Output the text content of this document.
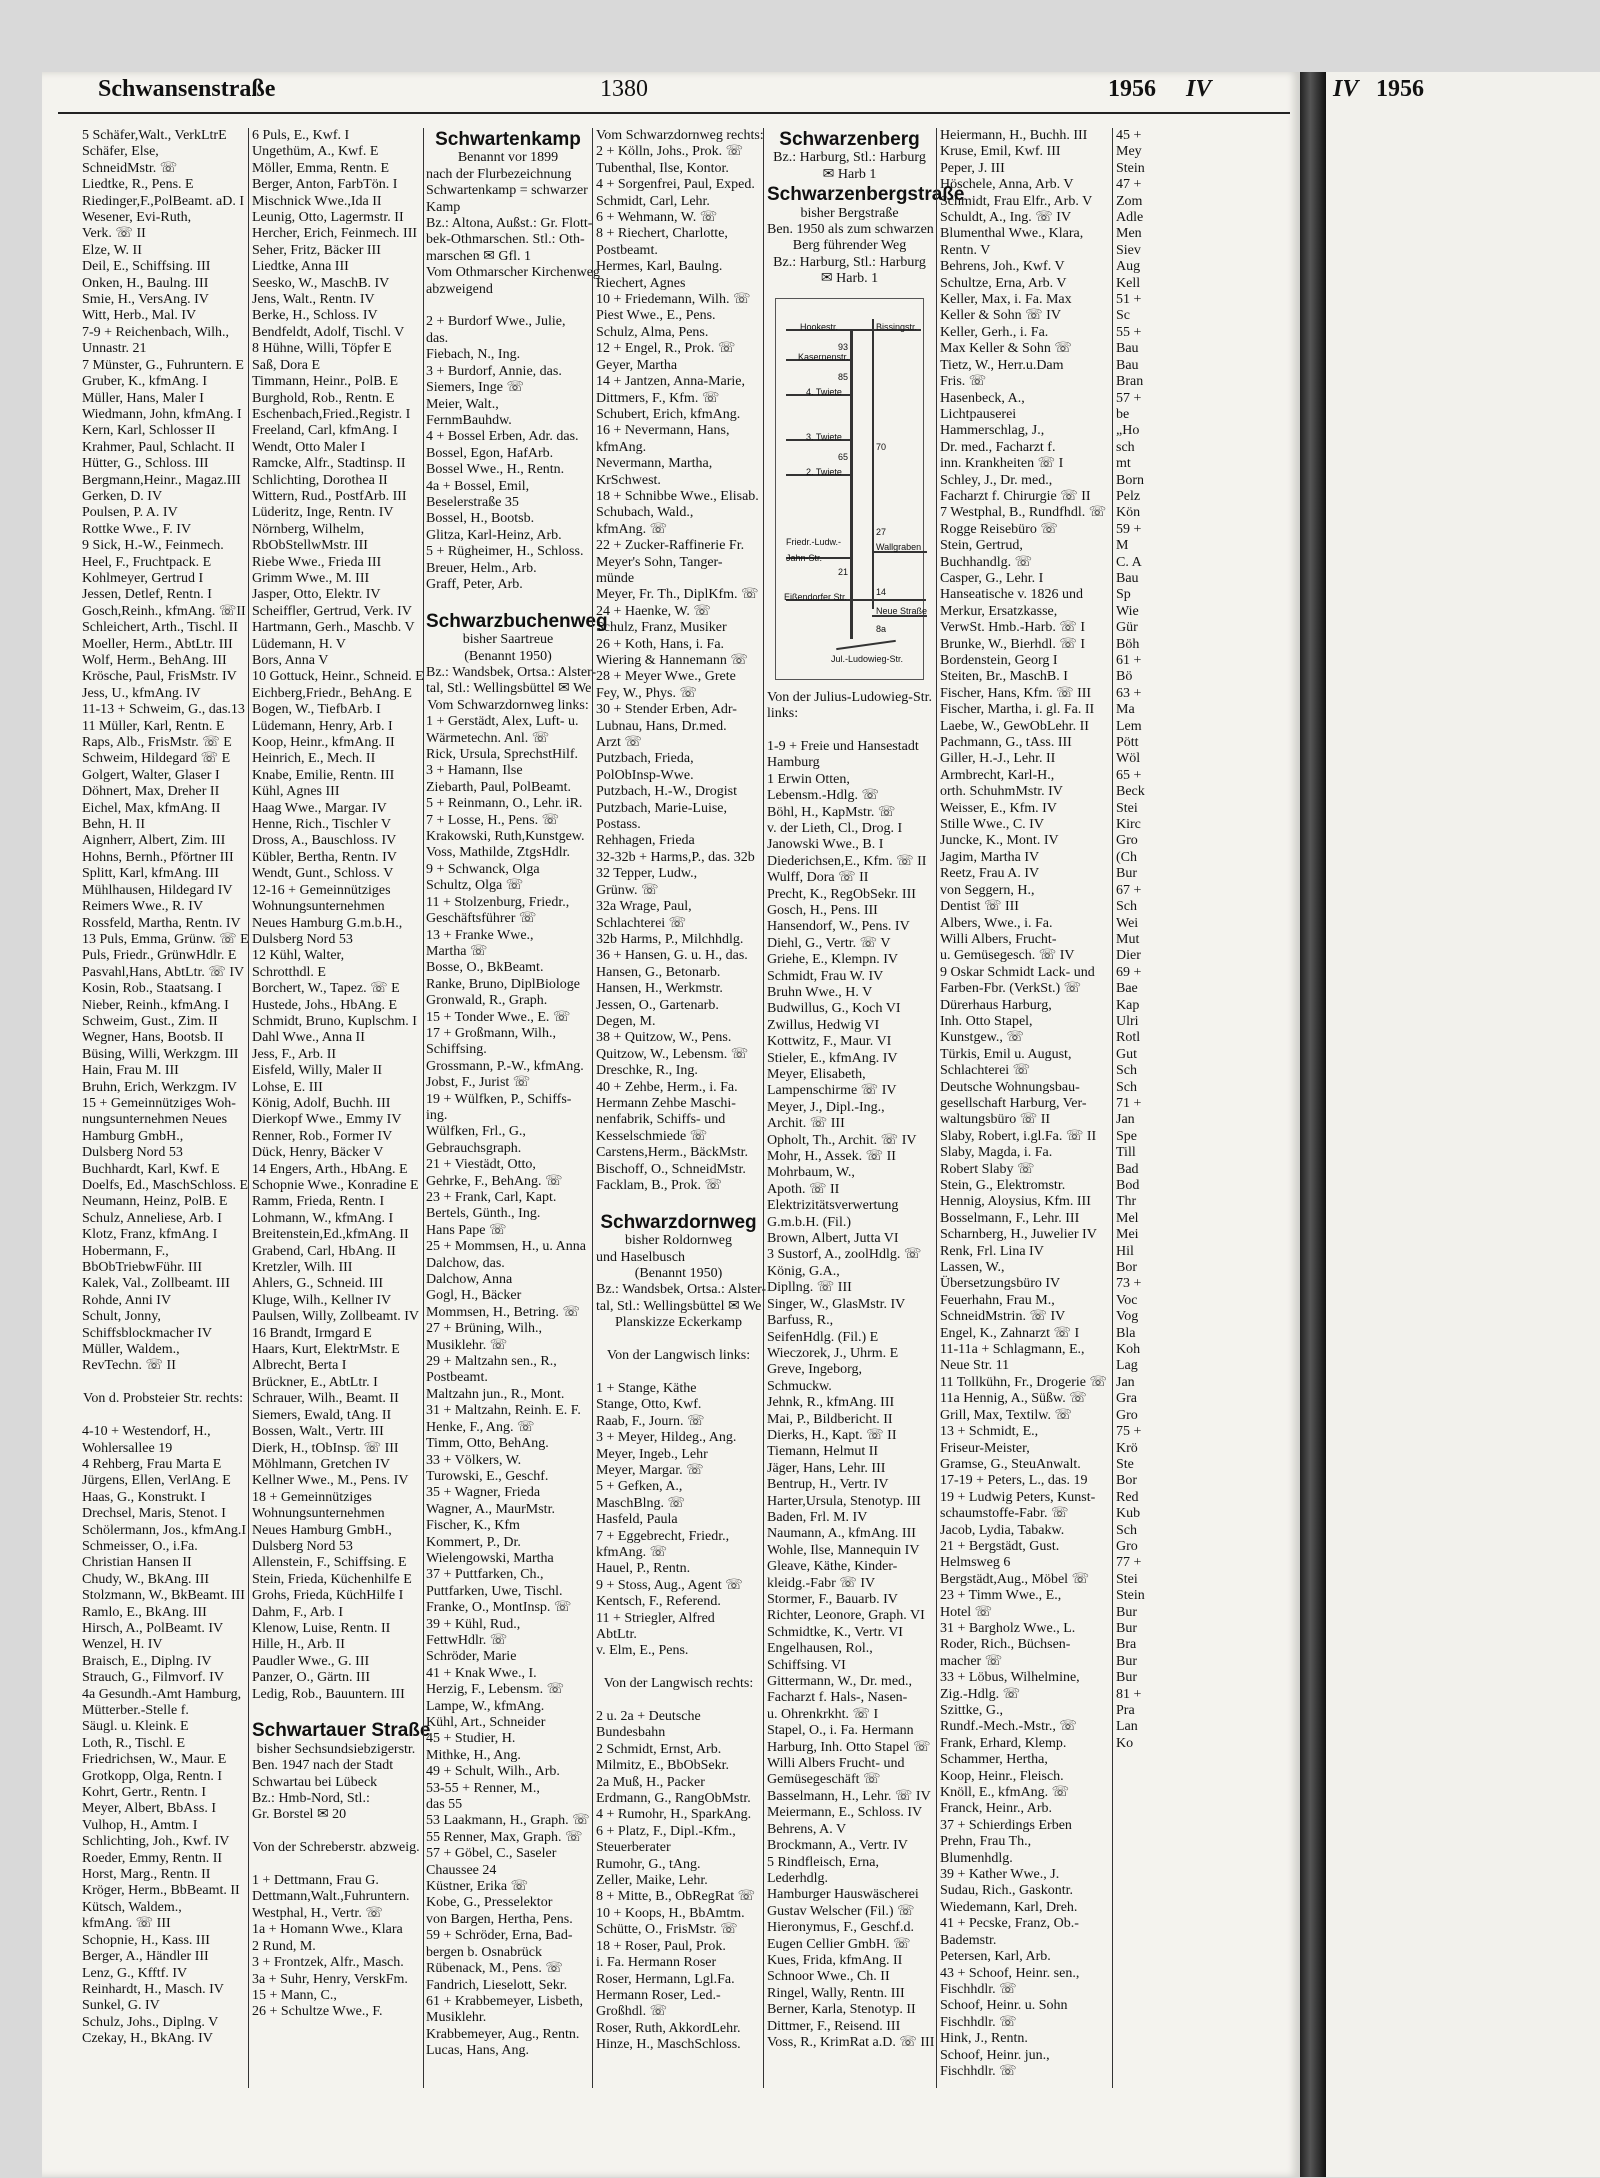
Schwansenstraße	1380	1956 IV	IV 1956
5 Schäfer,Walt., VerkLtrE
Schäfer, Else,
SchneidMstr. ☏
Liedtke, R., Pens. E
Riedinger,F.,PolBeamt. aD. I
Wesener, Evi-Ruth,
Verk. ☏ II
Elze, W. II
Deil, E., Schiffsing. III
Onken, H., Baulng. III
Smie, H., VersAng. IV
Witt, Herb., Mal. IV
7-9 + Reichenbach, Wilh.,
Unnastr. 21
7 Münster, G., Fuhruntern. E
Gruber, K., kfmAng. I
Müller, Hans, Maler I
Wiedmann, John, kfmAng. I
Kern, Karl, Schlosser II
Krahmer, Paul, Schlacht. II
Hütter, G., Schloss. III
Bergmann,Heinr., Magaz.III
Gerken, D. IV
Poulsen, P. A. IV
Rottke Wwe., F. IV
9 Sick, H.-W., Feinmech.
Heel, F., Fruchtpack. E
Kohlmeyer, Gertrud I
Jessen, Detlef, Rentn. I
Gosch,Reinh., kfmAng. ☏II
Schleichert, Arth., Tischl. II
Moeller, Herm., AbtLtr. III
Wolf, Herm., BehAng. III
Krösche, Paul, FrisMstr. IV
Jess, U., kfmAng. IV
11-13 + Schweim, G., das.13
11 Müller, Karl, Rentn. E
Raps, Alb., FrisMstr. ☏ E
Schweim, Hildegard ☏ E
Golgert, Walter, Glaser I
Döhnert, Max, Dreher II
Eichel, Max, kfmAng. II
Behn, H. II
Aignherr, Albert, Zim. III
Hohns, Bernh., Pförtner III
Splitt, Karl, kfmAng. III
Mühlhausen, Hildegard IV
Reimers Wwe., R. IV
Rossfeld, Martha, Rentn. IV
13 Puls, Emma, Grünw. ☏ E
Puls, Friedr., GrünwHdlr. E
Pasvahl,Hans, AbtLtr. ☏ IV
Kosin, Rob., Staatsang. I
Nieber, Reinh., kfmAng. I
Schweim, Gust., Zim. II
Wegner, Hans, Bootsb. II
Büsing, Willi, Werkzgm. III
Hain, Frau M. III
Bruhn, Erich, Werkzgm. IV
15 + Gemeinnütziges Woh-
nungsunternehmen Neues
Hamburg GmbH.,
Dulsberg Nord 53
Buchhardt, Karl, Kwf. E
Doelfs, Ed., MaschSchloss. E
Neumann, Heinz, PolB. E
Schulz, Anneliese, Arb. I
Klotz, Franz, kfmAng. I
Hobermann, F.,
BbObTriebwFühr. III
Kalek, Val., Zollbeamt. III
Rohde, Anni IV
Schult, Jonny,
Schiffsblockmacher IV
Müller, Waldem.,
RevTechn. ☏ II

Von d. Probsteier Str. rechts:

4-10 + Westendorf, H.,
Wohlersallee 19
4 Rehberg, Frau Marta E
Jürgens, Ellen, VerlAng. E
Haas, G., Konstrukt. I
Drechsel, Maris, Stenot. I
Schölermann, Jos., kfmAng.I
Schmeisser, O., i.Fa.
Christian Hansen II
Chudy, W., BkAng. III
Stolzmann, W., BkBeamt. III
Ramlo, E., BkAng. III
Hirsch, A., PolBeamt. IV
Wenzel, H. IV
Braisch, E., Diplng. IV
Strauch, G., Filmvorf. IV
4a Gesundh.-Amt Hamburg,
Mütterber.-Stelle f.
Säugl. u. Kleink. E
Loth, R., Tischl. E
Friedrichsen, W., Maur. E
Grotkopp, Olga, Rentn. I
Kohrt, Gertr., Rentn. I
Meyer, Albert, BbAss. I
Vulhop, H., Amtm. I
Schlichting, Joh., Kwf. IV
Roeder, Emmy, Rentn. II
Horst, Marg., Rentn. II
Kröger, Herm., BbBeamt. II
Kütsch, Waldem.,
kfmAng. ☏ III
Schopnie, H., Kass. III
Berger, A., Händler III
Lenz, G., Kfftf. IV
Reinhardt, H., Masch. IV
Sunkel, G. IV
Schulz, Johs., Diplng. V
Czekay, H., BkAng. IV
6 Puls, E., Kwf. I
Ungethüm, A., Kwf. E
Möller, Emma, Rentn. E
Berger, Anton, FarbTön. I
Mischnick Wwe.,Ida II
Leunig, Otto, Lagermstr. II
Hercher, Erich, Feinmech. III
Seher, Fritz, Bäcker III
Liedtke, Anna III
Seesko, W., MaschB. IV
Jens, Walt., Rentn. IV
Berke, H., Schloss. IV
Bendfeldt, Adolf, Tischl. V
8 Hühne, Willi, Töpfer E
Saß, Dora E
Timmann, Heinr., PolB. E
Burghold, Rob., Rentn. E
Eschenbach,Fried.,Registr. I
Freeland, Carl, kfmAng. I
Wendt, Otto Maler I
Ramcke, Alfr., Stadtinsp. II
Schlichting, Dorothea II
Wittern, Rud., PostfArb. III
Lüderitz, Inge, Rentn. IV
Nörnberg, Wilhelm,
RbObStellwMstr. III
Riebe Wwe., Frieda III
Grimm Wwe., M. III
Jasper, Otto, Elektr. IV
Scheiffler, Gertrud, Verk. IV
Hartmann, Gerh., Maschb. V
Lüdemann, H. V
Bors, Anna V
10 Gottuck, Heinr., Schneid. E
Eichberg,Friedr., BehAng. E
Bogen, W., TiefbArb. I
Lüdemann, Henry, Arb. I
Koop, Heinr., kfmAng. II
Heinrich, E., Mech. II
Knabe, Emilie, Rentn. III
Kühl, Agnes III
Haag Wwe., Margar. IV
Henne, Rich., Tischler V
Dross, A., Bauschloss. IV
Kübler, Bertha, Rentn. IV
Wendt, Gunt., Schloss. V
12-16 + Gemeinnütziges
Wohnungsunternehmen
Neues Hamburg G.m.b.H.,
Dulsberg Nord 53
12 Kühl, Walter,
Schrotthdl. E
Borchert, W., Tapez. ☏ E
Hustede, Johs., HbAng. E
Schmidt, Bruno, Kuplschm. I
Dahl Wwe., Anna II
Jess, F., Arb. II
Eisfeld, Willy, Maler II
Lohse, E. III
König, Adolf, Buchh. III
Dierkopf Wwe., Emmy IV
Renner, Rob., Former IV
Dück, Henry, Bäcker V
14 Engers, Arth., HbAng. E
Schopnie Wwe., Konradine E
Ramm, Frieda, Rentn. I
Lohmann, W., kfmAng. I
Breitenstein,Ed.,kfmAng. II
Grabend, Carl, HbAng. II
Kretzler, Wilh. III
Ahlers, G., Schneid. III
Kluge, Wilh., Kellner IV
Paulsen, Willy, Zollbeamt. IV
16 Brandt, Irmgard E
Haars, Kurt, ElektrMstr. E
Albrecht, Berta I
Brückner, E., AbtLtr. I
Schrauer, Wilh., Beamt. II
Siemers, Ewald, tAng. II
Bossen, Walt., Vertr. III
Dierk, H., tObInsp. ☏ III
Möhlmann, Gretchen IV
Kellner Wwe., M., Pens. IV
18 + Gemeinnütziges
Wohnungsunternehmen
Neues Hamburg GmbH.,
Dulsberg Nord 53
Allenstein, F., Schiffsing. E
Stein, Frieda, Küchenhilfe E
Grohs, Frieda, KüchHilfe I
Dahm, F., Arb. I
Klenow, Luise, Rentn. II
Hille, H., Arb. II
Paudler Wwe., G. III
Panzer, O., Gärtn. III
Ledig, Rob., Bauuntern. III

Schwartauer Straße
bisher Sechsundsiebzigerstr.
Ben. 1947 nach der Stadt
Schwartau bei Lübeck
Bz.: Hmb-Nord, Stl.:
Gr. Borstel ✉ 20

Von der Schreberstr. abzweig.

1 + Dettmann, Frau G.
Dettmann,Walt.,Fuhruntern.
Westphal, H., Vertr. ☏
1a + Homann Wwe., Klara
2 Rund, M.
3 + Frontzek, Alfr., Masch.
3a + Suhr, Henry, VerskFm.
15 + Mann, C.,
26 + Schultze Wwe., F.
Schwartenkamp
Benannt vor 1899
nach der Flurbezeichnung
Schwartenkamp = schwarzer
Kamp
Bz.: Altona, Außst.: Gr. Flott-
bek-Othmarschen. Stl.: Oth-
marschen ✉ Gfl. 1
Vom Othmarscher Kirchenweg
abzweigend

2 + Burdorf Wwe., Julie,
das.
Fiebach, N., Ing.
3 + Burdorf, Annie, das.
Siemers, Inge ☏
Meier, Walt.,
FernmBauhdw.
4 + Bossel Erben, Adr. das.
Bossel, Egon, HafArb.
Bossel Wwe., H., Rentn.
4a + Bossel, Emil,
Beselerstraße 35
Bossel, H., Bootsb.
Glitza, Karl-Heinz, Arb.
5 + Rügheimer, H., Schloss.
Breuer, Helm., Arb.
Graff, Peter, Arb.

Schwarzbuchenweg
bisher Saartreue
(Benannt 1950)
Bz.: Wandsbek, Ortsa.: Alster-
tal, Stl.: Wellingsbüttel ✉ We
Vom Schwarzdornweg links:
1 + Gerstädt, Alex, Luft- u.
Wärmetechn. Anl. ☏
Rick, Ursula, SprechstHilf.
3 + Hamann, Ilse
Ziebarth, Paul, PolBeamt.
5 + Reinmann, O., Lehr. iR.
7 + Losse, H., Pens. ☏
Krakowski, Ruth,Kunstgew.
Voss, Mathilde, ZtgsHdlr.
9 + Schwanck, Olga
Schultz, Olga ☏
11 + Stolzenburg, Friedr.,
Geschäftsführer ☏
13 + Franke Wwe.,
Martha ☏
Bosse, O., BkBeamt.
Ranke, Bruno, DiplBiologe
Gronwald, R., Graph.
15 + Tonder Wwe., E. ☏
17 + Großmann, Wilh.,
Schiffsing.
Grossmann, P.-W., kfmAng.
Jobst, F., Jurist ☏
19 + Wülfken, P., Schiffs-
ing.
Wülfken, Frl., G.,
Gebrauchsgraph.
21 + Viestädt, Otto,
Gehrke, F., BehAng. ☏
23 + Frank, Carl, Kapt.
Bertels, Günth., Ing.
Hans Pape ☏
25 + Mommsen, H., u. Anna
Dalchow, das.
Dalchow, Anna
Gogl, H., Bäcker
Mommsen, H., Betring. ☏
27 + Brüning, Wilh.,
Musiklehr. ☏
29 + Maltzahn sen., R.,
Postbeamt.
Maltzahn jun., R., Mont.
31 + Maltzahn, Reinh. E. F.
Henke, F., Ang. ☏
Timm, Otto, BehAng.
33 + Völkers, W.
Turowski, E., Geschf.
35 + Wagner, Frieda
Wagner, A., MaurMstr.
Fischer, K., Kfm
Kommert, P., Dr.
Wielengowski, Martha
37 + Puttfarken, Ch.,
Puttfarken, Uwe, Tischl.
Franke, O., MontInsp. ☏
39 + Kühl, Rud.,
FettwHdlr. ☏
Schröder, Marie
41 + Knak Wwe., I.
Herzig, F., Lebensm. ☏
Lampe, W., kfmAng.
Kühl, Art., Schneider
45 + Studier, H.
Mithke, H., Ang.
49 + Schult, Wilh., Arb.
53-55 + Renner, M.,
das 55
53 Laakmann, H., Graph. ☏
55 Renner, Max, Graph. ☏
57 + Göbel, C., Saseler
Chaussee 24
Küstner, Erika ☏
Kobe, G., Presselektor
von Bargen, Hertha, Pens.
59 + Schröder, Erna, Bad-
bergen b. Osnabrück
Rübenack, M., Pens. ☏
Fandrich, Lieselott, Sekr.
61 + Krabbemeyer, Lisbeth,
Musiklehr.
Krabbemeyer, Aug., Rentn.
Lucas, Hans, Ang.
Vom Schwarzdornweg rechts:
2 + Kölln, Johs., Prok. ☏
Tubenthal, Ilse, Kontor.
4 + Sorgenfrei, Paul, Exped.
Schmidt, Carl, Lehr.
6 + Wehmann, W. ☏
8 + Riechert, Charlotte,
Postbeamt.
Hermes, Karl, Baulng.
Riechert, Agnes
10 + Friedemann, Wilh. ☏
Piest Wwe., E., Pens.
Schulz, Alma, Pens.
12 + Engel, R., Prok. ☏
Geyer, Martha
14 + Jantzen, Anna-Marie,
Dittmers, F., Kfm. ☏
Schubert, Erich, kfmAng.
16 + Nevermann, Hans,
kfmAng.
Nevermann, Martha,
KrSchwest.
18 + Schnibbe Wwe., Elisab.
Schubach, Wald.,
kfmAng. ☏
22 + Zucker-Raffinerie Fr.
Meyer's Sohn, Tanger-
münde
Meyer, Fr. Th., DiplKfm. ☏
24 + Haenke, W. ☏
Schulz, Franz, Musiker
26 + Koth, Hans, i. Fa.
Wiering & Hannemann ☏
28 + Meyer Wwe., Grete
Fey, W., Phys. ☏
30 + Stender Erben, Adr-
Lubnau, Hans, Dr.med.
Arzt ☏
Putzbach, Frieda,
PolObInsp-Wwe.
Putzbach, H.-W., Drogist
Putzbach, Marie-Luise,
Postass.
Rehhagen, Frieda
32-32b + Harms,P., das. 32b
32 Tepper, Ludw.,
Grünw. ☏
32a Wrage, Paul,
Schlachterei ☏
32b Harms, P., Milchhdlg.
36 + Hansen, G. u. H., das.
Hansen, G., Betonarb.
Hansen, H., Werkmstr.
Jessen, O., Gartenarb.
Degen, M.
38 + Quitzow, W., Pens.
Quitzow, W., Lebensm. ☏
Dreschke, R., Ing.
40 + Zehbe, Herm., i. Fa.
Hermann Zehbe Maschi-
nenfabrik, Schiffs- und
Kesselschmiede ☏
Carstens,Herm., BäckMstr.
Bischoff, O., SchneidMstr.
Facklam, B., Prok. ☏

Schwarzdornweg
bisher Roldornweg
und Haselbusch
(Benannt 1950)
Bz.: Wandsbek, Ortsa.: Alster-
tal, Stl.: Wellingsbüttel ✉ We
Planskizze Eckerkamp

Von der Langwisch links:

1 + Stange, Käthe
Stange, Otto, Kwf.
Raab, F., Journ. ☏
3 + Meyer, Hildeg., Ang.
Meyer, Ingeb., Lehr
Meyer, Margar. ☏
5 + Gefken, A.,
MaschBlng. ☏
Hasfeld, Paula
7 + Eggebrecht, Friedr.,
kfmAng. ☏
Hauel, P., Rentn.
9 + Stoss, Aug., Agent ☏
Kentsch, F., Referend.
11 + Striegler, Alfred
AbtLtr.
v. Elm, E., Pens.

Von der Langwisch rechts:

2 u. 2a + Deutsche
Bundesbahn
2 Schmidt, Ernst, Arb.
Milmitz, E., BbObSekr.
2a Muß, H., Packer
Erdmann, G., RangObMstr.
4 + Rumohr, H., SparkAng.
6 + Platz, F., Dipl.-Kfm.,
Steuerberater
Rumohr, G., tAng.
Zeller, Maike, Lehr.
8 + Mitte, B., ObRegRat ☏
10 + Koops, H., BbAmtm.
Schütte, O., FrisMstr. ☏
18 + Roser, Paul, Prok.
i. Fa. Hermann Roser
Roser, Hermann, Lgl.Fa.
Hermann Roser, Led.-
Großhdl. ☏
Roser, Ruth, AkkordLehr.
Hinze, H., MaschSchloss.
Schwarzenberg
Bz.: Harburg, Stl.: Harburg
✉ Harb 1
Schwarzenbergstraße
bisher Bergstraße
Ben. 1950 als zum schwarzen
Berg führender Weg
Bz.: Harburg, Stl.: Harburg
✉ Harb. 1
Hookestr.	Bissingstr.
Kasernenstr.
4. Twiete
3. Twiete
2. Twiete
Friedr.-Ludw.-Jahn-Str.
Wallgraben
Neue Straße
Eißendorfer Str.
Jul.-Ludowieg-Str.
93
85
65
70
27
21
14
8a
Von der Julius-Ludowieg-Str.
links:

1-9 + Freie und Hansestadt
Hamburg
1 Erwin Otten,
Lebensm.-Hdlg. ☏
Böhl, H., KapMstr. ☏
v. der Lieth, Cl., Drog. I
Janowski Wwe., B. I
Diederichsen,E., Kfm. ☏ II
Wulff, Dora ☏ II
Precht, K., RegObSekr. III
Gosch, H., Pens. III
Hansendorf, W., Pens. IV
Diehl, G., Vertr. ☏ V
Griehe, E., Klempn. IV
Schmidt, Frau W. IV
Bruhn Wwe., H. V
Budwillus, G., Koch VI
Zwillus, Hedwig VI
Kottwitz, F., Maur. VI
Stieler, E., kfmAng. IV
Meyer, Elisabeth,
Lampenschirme ☏ IV
Meyer, J., Dipl.-Ing.,
Archit. ☏ III
Opholt, Th., Archit. ☏ IV
Mohr, H., Assek. ☏ II
Mohrbaum, W.,
Apoth. ☏ II
Elektrizitätsverwertung
G.m.b.H. (Fil.)
Brown, Albert, Jutta VI
3 Sustorf, A., zoolHdlg. ☏
König, G.A.,
Dipllng. ☏ III
Singer, W., GlasMstr. IV
Barfuss, R.,
SeifenHdlg. (Fil.) E
Wieczorek, J., Uhrm. E
Greve, Ingeborg,
Schmuckw.
Jehnk, R., kfmAng. III
Mai, P., Bildbericht. II
Dierks, H., Kapt. ☏ II
Tiemann, Helmut II
Jäger, Hans, Lehr. III
Bentrup, H., Vertr. IV
Harter,Ursula, Stenotyp. III
Baden, Frl. M. IV
Naumann, A., kfmAng. III
Wohle, Ilse, Mannequin IV
Gleave, Käthe, Kinder-
kleidg.-Fabr ☏ IV
Stormer, F., Bauarb. IV
Richter, Leonore, Graph. VI
Schmidtke, K., Vertr. VI
Engelhausen, Rol.,
Schiffsing. VI
Gittermann, W., Dr. med.,
Facharzt f. Hals-, Nasen-
u. Ohrenkrkht. ☏ I
Stapel, O., i. Fa. Hermann
Harburg, Inh. Otto Stapel ☏
Willi Albers Frucht- und
Gemüsegeschäft ☏
Basselmann, H., Lehr. ☏ IV
Meiermann, E., Schloss. IV
Behrens, A. V
Brockmann, A., Vertr. IV
5 Rindfleisch, Erna,
Lederhdlg.
Hamburger Hauswäscherei
Gustav Welscher (Fil.) ☏
Hieronymus, F., Geschf.d.
Eugen Cellier GmbH. ☏
Kues, Frida, kfmAng. II
Schnoor Wwe., Ch. II
Ringel, Wally, Rentn. III
Berner, Karla, Stenotyp. II
Dittmer, F., Reisend. III
Voss, R., KrimRat a.D. ☏ III
Heiermann, H., Buchh. III
Kruse, Emil, Kwf. III
Peper, J. III
Höschele, Anna, Arb. V
Schmidt, Frau Elfr., Arb. V
Schuldt, A., Ing. ☏ IV
Blumenthal Wwe., Klara,
Rentn. V
Behrens, Joh., Kwf. V
Schultze, Erna, Arb. V
Keller, Max, i. Fa. Max
Keller & Sohn ☏ IV
Keller, Gerh., i. Fa.
Max Keller & Sohn ☏
Tietz, W., Herr.u.Dam
Fris. ☏
Hasenbeck, A.,
Lichtpauserei
Hammerschlag, J.,
Dr. med., Facharzt f.
inn. Krankheiten ☏ I
Schley, J., Dr. med.,
Facharzt f. Chirurgie ☏ II
7 Westphal, B., Rundfhdl. ☏
Rogge Reisebüro ☏
Stein, Gertrud,
Buchhandlg. ☏
Casper, G., Lehr. I
Hanseatische v. 1826 und
Merkur, Ersatzkasse,
VerwSt. Hmb.-Harb. ☏ I
Brunke, W., Bierhdl. ☏ I
Bordenstein, Georg I
Steiten, Br., MaschB. I
Fischer, Hans, Kfm. ☏ III
Fischer, Martha, i. gl. Fa. II
Laebe, W., GewObLehr. II
Pachmann, G., tAss. III
Giller, H.-J., Lehr. II
Armbrecht, Karl-H.,
orth. SchuhmMstr. IV
Weisser, E., Kfm. IV
Stille Wwe., C. IV
Juncke, K., Mont. IV
Jagim, Martha IV
Reetz, Frau A. IV
von Seggern, H.,
Dentist ☏ III
Albers, Wwe., i. Fa.
Willi Albers, Frucht-
u. Gemüsegesch. ☏ IV
9 Oskar Schmidt Lack- und
Farben-Fbr. (VerkSt.) ☏
Dürerhaus Harburg,
Inh. Otto Stapel,
Kunstgew., ☏
Türkis, Emil u. August,
Schlachterei ☏
Deutsche Wohnungsbau-
gesellschaft Harburg, Ver-
waltungsbüro ☏ II
Slaby, Robert, i.gl.Fa. ☏ II
Slaby, Magda, i. Fa.
Robert Slaby ☏
Stein, G., Elektromstr.
Hennig, Aloysius, Kfm. III
Bosselmann, F., Lehr. III
Scharnberg, H., Juwelier IV
Renk, Frl. Lina IV
Lassen, W.,
Übersetzungsbüro IV
Feuerhahn, Frau M.,
SchneidMstrin. ☏ IV
Engel, K., Zahnarzt ☏ I
11-11a + Schlagmann, E.,
Neue Str. 11
11 Tollkühn, Fr., Drogerie ☏
11a Hennig, A., Süßw. ☏
Grill, Max, Textilw. ☏
13 + Schmidt, E.,
Friseur-Meister,
Gramse, G., SteuAnwalt.
17-19 + Peters, L., das. 19
19 + Ludwig Peters, Kunst-
schaumstoffe-Fabr. ☏
Jacob, Lydia, Tabakw.
21 + Bergstädt, Gust.
Helmsweg 6
Bergstädt,Aug., Möbel ☏
23 + Timm Wwe., E.,
Hotel ☏
31 + Bargholz Wwe., L.
Roder, Rich., Büchsen-
macher ☏
33 + Löbus, Wilhelmine,
Zig.-Hdlg. ☏
Szittke, G.,
Rundf.-Mech.-Mstr., ☏
Frank, Erhard, Klemp.
Schammer, Hertha,
Koop, Heinr., Fleisch.
Knöll, E., kfmAng. ☏
Franck, Heinr., Arb.
37 + Schierdings Erben
Prehn, Frau Th.,
Blumenhdlg.
39 + Kather Wwe., J.
Sudau, Rich., Gaskontr.
Wiedemann, Karl, Dreh.
41 + Pecske, Franz, Ob.-
Bademstr.
Petersen, Karl, Arb.
43 + Schoof, Heinr. sen.,
Fischhdlr. ☏
Schoof, Heinr. u. Sohn
Fischhdlr. ☏
Hink, J., Rentn.
Schoof, Heinr. jun.,
Fischhdlr. ☏
45 +
Mey
Stein
47 +
Zom
Adle
Men
Siev
Aug
Kell
51 +
Sc
55 +
Bau
Bau
Bran
57 +
be
„Ho
sch
mt
Born
Pelz
Kön
59 +
M
C. A
Bau
Sp
Wie
Gür
Böh
61 +
Bö
63 +
Ma
Lem
Pött
Wöl
65 +
Beck
Stei
Kirc
Gro
(Ch
Bur
67 +
Sch
Wei
Mut
Dier
69 +
Bae
Kap
Ulri
Rotl
Gut
Sch
Sch
71 +
Jan
Spe
Till
Bad
Bod
Thr
Mel
Mei
Hil
Bor
73 +
Voc
Vog
Bla
Koh
Lag
Jan
Gra
Gro
75 +
Krö
Ste
Bor
Red
Kub
Sch
Gro
77 +
Stei
Stein
Bur
Bur
Bra
Bur
Bur
81 +
Pra
Lan
Ko
